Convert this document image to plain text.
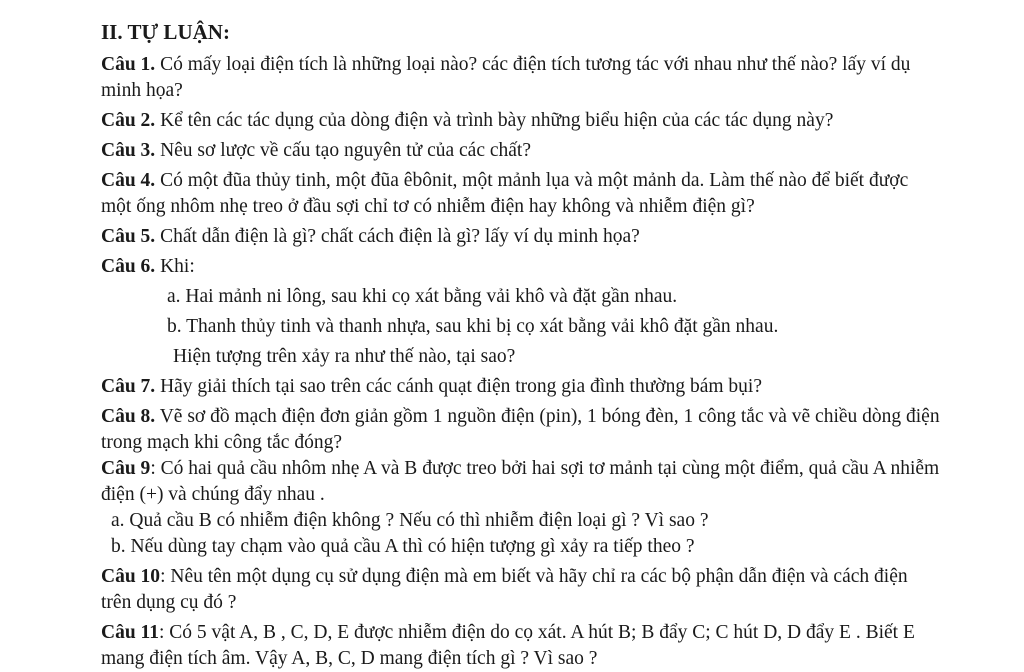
II. TỰ LUẬN:
Câu 1. Có mấy loại điện tích là những loại nào? các điện tích tương tác với nhau như thế nào? lấy ví dụ minh họa?
Câu 2. Kể tên các tác dụng của dòng điện và trình bày những biểu hiện của các tác dụng này?
Câu 3. Nêu sơ lược về cấu tạo nguyên tử của các chất?
Câu 4. Có một đũa thủy tinh, một đũa êbônit, một mảnh lụa và một mảnh da. Làm thế nào để biết được một ống nhôm nhẹ treo ở đầu sợi chỉ tơ có nhiễm điện hay không và nhiễm điện gì?
Câu 5. Chất dẫn điện là gì? chất cách điện là gì? lấy ví dụ minh họa?
Câu 6. Khi:
a. Hai mảnh ni lông, sau khi cọ xát bằng vải khô và đặt gần nhau.
b. Thanh thủy tinh và thanh nhựa, sau khi bị cọ xát bằng vải khô đặt gần nhau.
Hiện tượng trên xảy ra như thế nào, tại sao?
Câu 7. Hãy giải thích tại sao trên các cánh quạt điện trong gia đình thường bám bụi?
Câu 8. Vẽ sơ đồ mạch điện đơn giản gồm 1 nguồn điện (pin), 1 bóng đèn, 1 công tắc và vẽ chiều dòng điện trong mạch khi công tắc đóng?
Câu 9: Có hai quả cầu nhôm nhẹ A và B được treo bởi hai sợi tơ mảnh tại cùng một điểm, quả cầu A nhiễm điện (+) và chúng đẩy nhau .
a. Quả cầu B có nhiễm điện không ? Nếu có thì nhiễm điện loại gì ? Vì sao ?
b. Nếu dùng tay chạm vào quả cầu A thì có hiện tượng gì xảy ra tiếp theo ?
Câu 10: Nêu tên một dụng cụ sử dụng điện mà em biết và hãy chỉ ra các bộ phận dẫn điện và cách điện trên dụng cụ đó ?
Câu 11: Có 5 vật A, B , C, D, E được nhiễm điện do cọ xát. A hút B; B đẩy C; C hút D, D đẩy E . Biết E mang điện tích âm. Vậy A, B, C, D mang điện tích gì ? Vì sao ?
